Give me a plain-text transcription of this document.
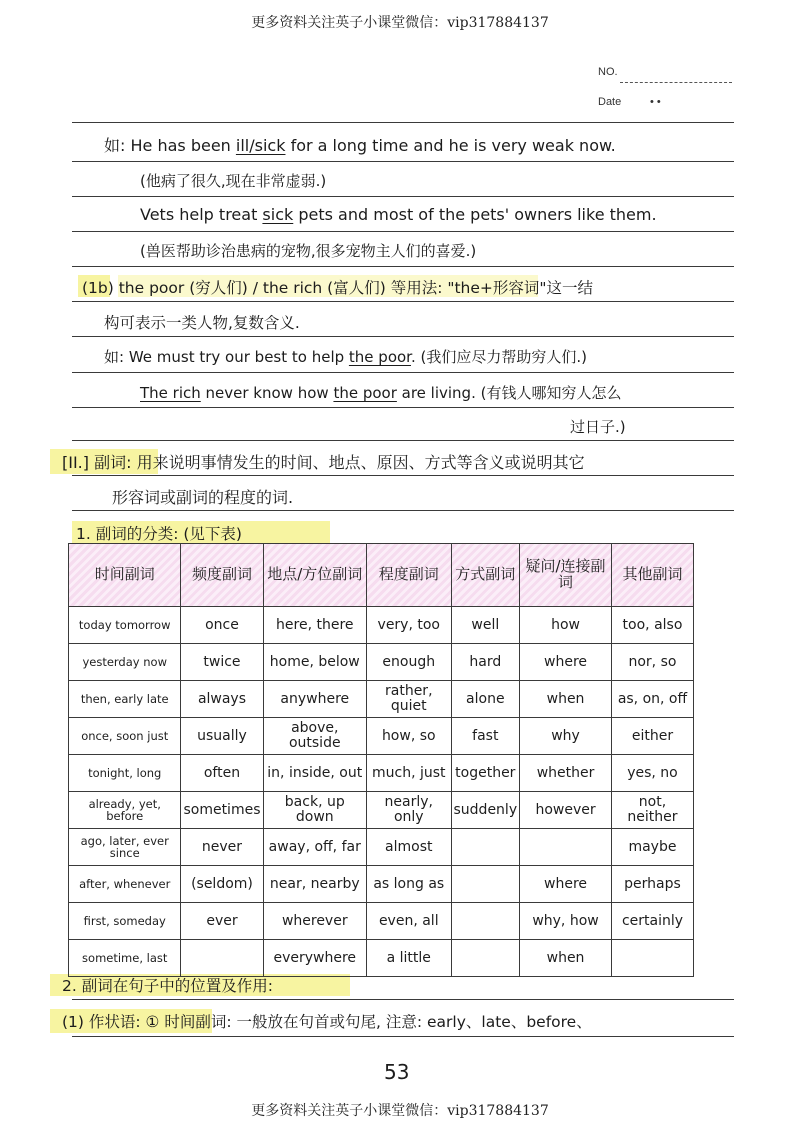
更多资料关注英子小课堂微信：vip317884137
NO.
Date	• •
如: He has been ill/sick for a long time and he is very weak now.
(他病了很久,现在非常虚弱.)
Vets help treat sick pets and most of the pets' owners like them.
(兽医帮助诊治患病的宠物,很多宠物主人们的喜爱.)
(1b) the poor (穷人们) / the rich (富人们) 等用法: "the+形容词"这一结
构可表示一类人物,复数含义.
如: We must try our best to help the poor. (我们应尽力帮助穷人们.)
The rich never know how the poor are living. (有钱人哪知穷人怎么
过日子.)
[II.] 副词: 用来说明事情发生的时间、地点、原因、方式等含义或说明其它
形容词或副词的程度的词.
1. 副词的分类: (见下表)
时间副词	频度副词	地点/方位副词	程度副词	方式副词	疑问/连接副词	其他副词
today tomorrow	once	here, there	very, too	well	how	too, also
yesterday now	twice	home, below	enough	hard	where	nor, so
then, early late	always	anywhere	rather, quiet	alone	when	as, on, off
once, soon just	usually	above, outside	how, so	fast	why	either
tonight, long	often	in, inside, out	much, just	together	whether	yes, no
already, yet, before	sometimes	back, up down	nearly, only	suddenly	however	not, neither
ago, later, ever since	never	away, off, far	almost			maybe
after, whenever	(seldom)	near, nearby	as long as		where	perhaps
first, someday	ever	wherever	even, all		why, how	certainly
sometime, last		everywhere	a little		when	
53
2. 副词在句子中的位置及作用:
(1) 作状语: ① 时间副词: 一般放在句首或句尾, 注意: early、late、before、
更多资料关注英子小课堂微信：vip317884137
